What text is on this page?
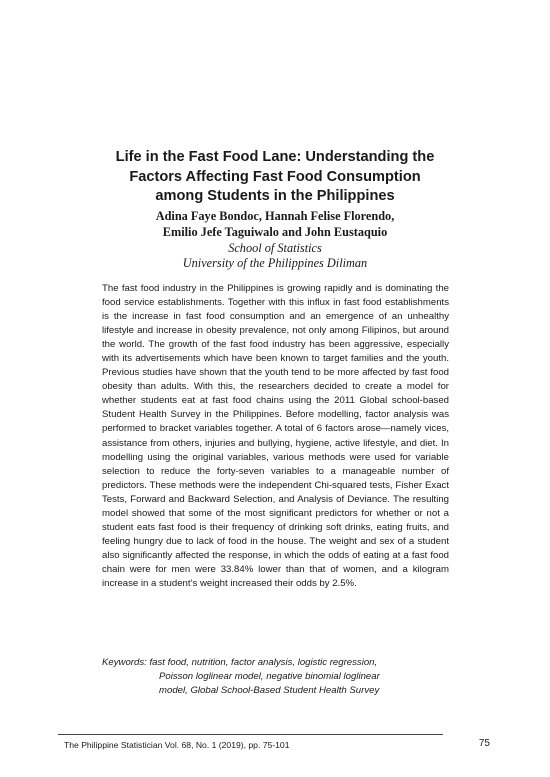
Life in the Fast Food Lane: Understanding the
Factors Affecting Fast Food Consumption
among Students in the Philippines
Adina Faye Bondoc, Hannah Felise Florendo,
Emilio Jefe Taguiwalo and John Eustaquio
School of Statistics
University of the Philippines Diliman

The fast food industry in the Philippines is growing rapidly and is dominating the food service establishments. Together with this influx in fast food establishments is the increase in fast food consumption and an emergence of an unhealthy lifestyle and increase in obesity prevalence, not only among Filipinos, but around the world. The growth of the fast food industry has been aggressive, especially with its advertisements which have been known to target families and the youth. Previous studies have shown that the youth tend to be more affected by fast food obesity than adults. With this, the researchers decided to create a model for whether students eat at fast food chains using the 2011 Global school-based Student Health Survey in the Philippines. Before modelling, factor analysis was performed to bracket variables together. A total of 6 factors arose—namely vices, assistance from others, injuries and bullying, hygiene, active lifestyle, and diet. In modelling using the original variables, various methods were used for variable selection to reduce the forty-seven variables to a manageable number of predictors. These methods were the independent Chi-squared tests, Fisher Exact Tests, Forward and Backward Selection, and Analysis of Deviance. The resulting model showed that some of the most significant predictors for whether or not a student eats fast food is their frequency of drinking soft drinks, eating fruits, and feeling hungry due to lack of food in the house. The weight and sex of a student also significantly affected the response, in which the odds of eating at a fast food chain were for men were 33.84% lower than that of women, and a kilogram increase in a student’s weight increased their odds by 2.5%.

Keywords: fast food, nutrition, factor analysis, logistic regression,
Poisson loglinear model, negative binomial loglinear
model, Global School-Based Student Health Survey
The Philippine Statistician Vol. 68, No. 1 (2019), pp. 75-101	75
